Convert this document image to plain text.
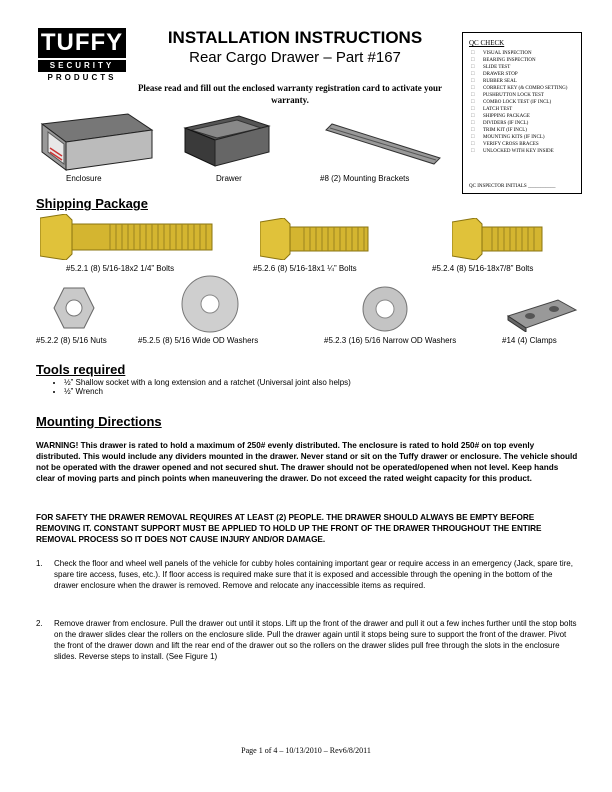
TUFFY
SECURITY
PRODUCTS
INSTALLATION INSTRUCTIONS
Rear Cargo Drawer – Part #167
Please read and fill out the enclosed warranty registration card to activate your warranty.
QC CHECK
□ VISUAL INSPECTION
□ BEARING INSPECTION
□ SLIDE TEST
□ DRAWER STOP
□ RUBBER SEAL
□ CORRECT KEY (& COMBO SETTING)
□ PUSHBUTTON LOCK TEST
□ COMBO LOCK TEST (IF INCL)
□ LATCH TEST
□ SHIPPING PACKAGE
□ DIVIDERS (IF INCL)
□ TRIM KIT (IF INCL)
□ MOUNTING KITS (IF INCL)
□ VERIFY CROSS BRACES
□ UNLOCKED WITH KEY INSIDE
QC INSPECTOR INITIALS ___________
Enclosure	Drawer	#8 (2) Mounting Brackets
Shipping Package
#5.2.1 (8) 5/16-18x2 1/4” Bolts	#5.2.6 (8) 5/16-18x1 ¼” Bolts	#5.2.4 (8) 5/16-18x7/8” Bolts
#5.2.2 (8) 5/16 Nuts	#5.2.5 (8) 5/16 Wide OD Washers	#5.2.3 (16) 5/16 Narrow OD Washers	#14 (4) Clamps
Tools required
• ½” Shallow socket with a long extension and a ratchet (Universal joint also helps)
• ½” Wrench
Mounting Directions
WARNING! This drawer is rated to hold a maximum of 250# evenly distributed. The enclosure is rated to hold 250# on top evenly distributed. This would include any dividers mounted in the drawer. Never stand or sit on the Tuffy drawer or enclosure. The vehicle should not be operated with the drawer opened and not secured shut. The drawer should not be operated/opened when not level. Keep hands clear of moving parts and pinch points when maneuvering the drawer. Do not exceed the rated weight capacity for this product.
FOR SAFETY THE DRAWER REMOVAL REQUIRES AT LEAST (2) PEOPLE. THE DRAWER SHOULD ALWAYS BE EMPTY BEFORE REMOVING IT. CONSTANT SUPPORT MUST BE APPLIED TO HOLD UP THE FRONT OF THE DRAWER THROUGHOUT THE ENTIRE REMOVAL PROCESS SO IT DOES NOT CAUSE INJURY AND/OR DAMAGE.
1. Check the floor and wheel well panels of the vehicle for cubby holes containing important gear or require access in an emergency (Jack, spare tire, spare tire access, fuses, etc.). If floor access is required make sure that it is exposed and accessible through the opening in the bottom of the drawer enclosure when the drawer is removed. Remove and relocate any inaccessible items as required.
2. Remove drawer from enclosure. Pull the drawer out until it stops. Lift up the front of the drawer and pull it out a few inches further until the stop bolts on the drawer slides clear the rollers on the enclosure slide. Pull the drawer again until it stops being sure to support the front of the drawer. Pivot the front of the drawer down and lift the rear end of the drawer out so the rollers on the drawer slides pull free through the slots in the enclosure slides. Reverse steps to install. (See Figure 1)
Page 1 of 4 – 10/13/2010 – Rev6/8/2011
